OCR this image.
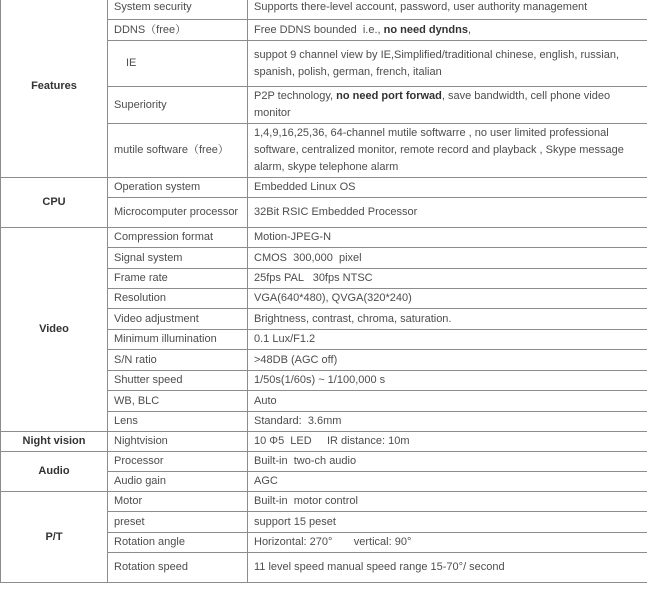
Features	System security	Supports there-level account, password, user authority management
	DDNS（free）	Free DDNS bounded  i.e., no need dyndns,
	IE	suppot 9 channel view by IE,Simplified/traditional chinese, english, russian, spanish, polish, german, french, italian
	Superiority	P2P technology, no need port forwad, save bandwidth, cell phone video monitor
	mutile software（free）	1,4,9,16,25,36, 64-channel mutile softwarre , no user limited professional software, centralized monitor, remote record and playback , Skype message alarm, skype telephone alarm
CPU	Operation system	Embedded Linux OS
	Microcomputer processor	32Bit RSIC Embedded Processor
Video	Compression format	Motion-JPEG-N
	Signal system	CMOS  300,000  pixel
	Frame rate	25fps PAL   30fps NTSC
	Resolution	VGA(640*480), QVGA(320*240)
	Video adjustment	Brightness, contrast, chroma, saturation.
	Minimum illumination	0.1 Lux/F1.2
	S/N ratio	>48DB (AGC off)
	Shutter speed	1/50s(1/60s) ~ 1/100,000 s
	WB, BLC	Auto
	Lens	Standard:  3.6mm
Night vision	Nightvision	10 Φ5  LED     IR distance: 10m
Audio	Processor	Built-in  two-ch audio
	Audio gain	AGC
P/T	Motor	Built-in  motor control
	preset	support 15 peset
	Rotation angle	Horizontal: 270°       vertical: 90°
	Rotation speed	11 level speed manual speed range 15-70°/ second
